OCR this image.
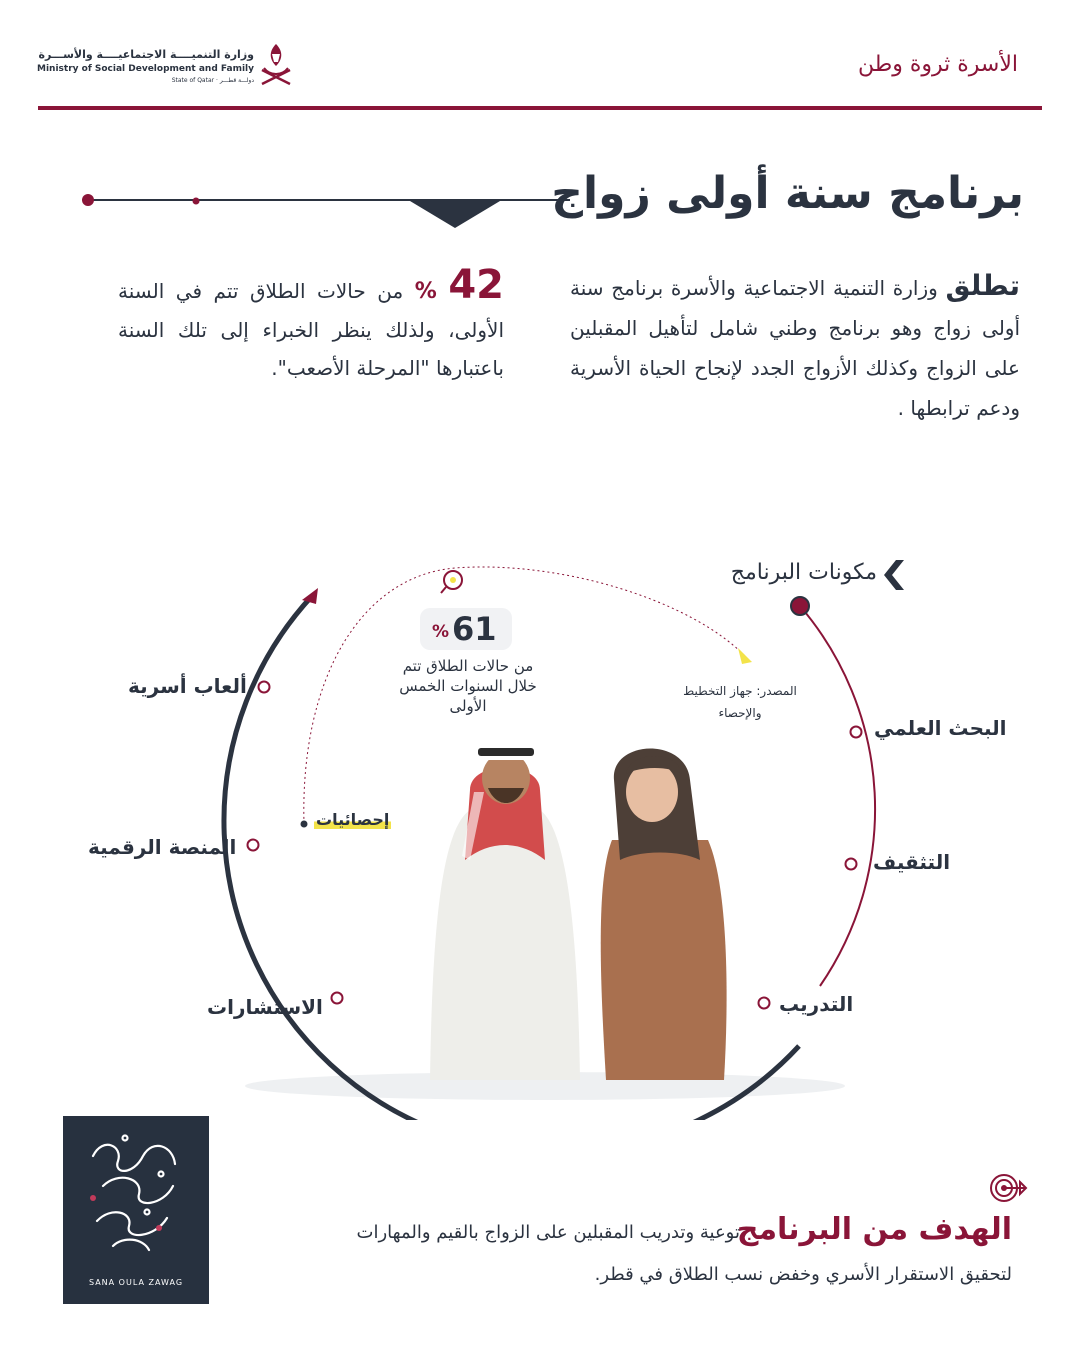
الأسرة ثروة وطن
وزارة التنميــــة الاجتماعيــــة والأســـرة
Ministry of Social Development and Family
State of Qatar · دولـــة قطـــر
برنامج سنة أولى زواج
تطلق وزارة التنمية الاجتماعية والأسرة برنامج سنة أولى زواج وهو برنامج وطني شامل لتأهيل المقبلين على الزواج وكذلك الأزواج الجدد لإنجاح الحياة الأسرية ودعم ترابطها .
42 % من حالات الطلاق تتم في السنة الأولى، ولذلك ينظر الخبراء إلى تلك السنة باعتبارها "المرحلة الأصعب".
مكونات البرنامج
البحث العلمي
التثقيف
التدريب
ألعاب أسرية
المنصة الرقمية
الاستشارات
إحصائيات
% 61
من حالات الطلاق تتم خلال السنوات الخمس الأولى
المصدر: جهاز التخطيط والإحصاء
الهدف من البرنامج
توعية وتدريب المقبلين على الزواج بالقيم والمهارات
لتحقيق الاستقرار الأسري وخفض نسب الطلاق في قطر.
SANA OULA ZAWAG
